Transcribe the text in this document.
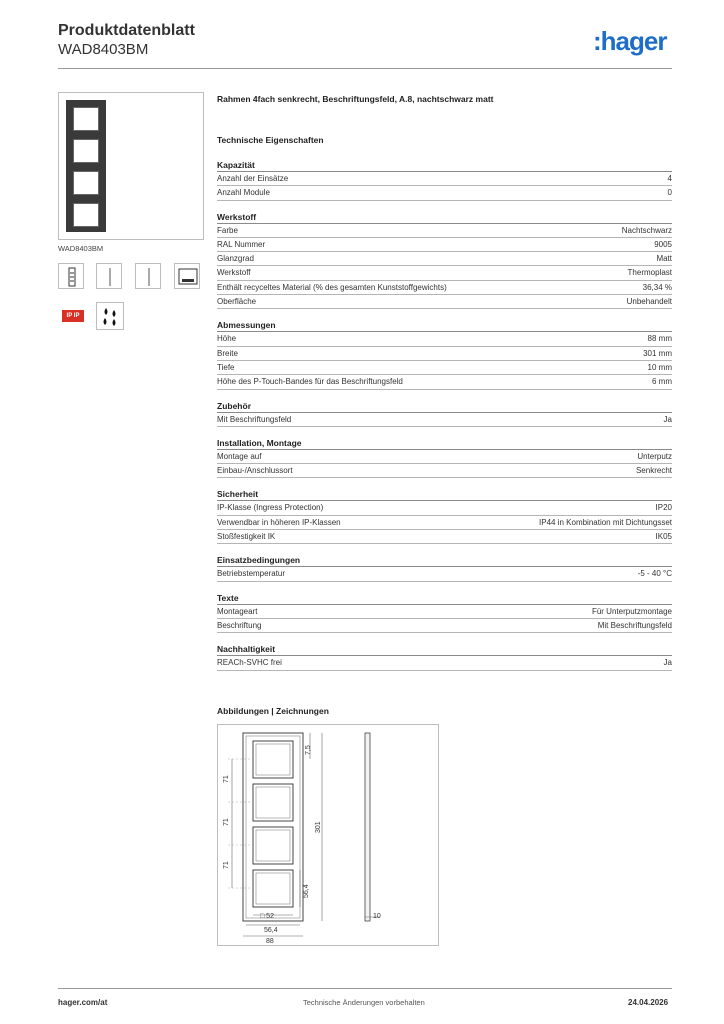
Produktdatenblatt
WAD8403BM	:hager
WAD8403BM
IP IP
Rahmen 4fach senkrecht, Beschriftungsfeld, A.8, nachtschwarz matt
Technische Eigenschaften
Kapazität
Anzahl der Einsätze	4
Anzahl Module	0
Werkstoff
Farbe	Nachtschwarz
RAL Nummer	9005
Glanzgrad	Matt
Werkstoff	Thermoplast
Enthält recyceltes Material (% des gesamten Kunststoffgewichts)	36,34 %
Oberfläche	Unbehandelt
Abmessungen
Höhe	88 mm
Breite	301 mm
Tiefe	10 mm
Höhe des P-Touch-Bandes für das Beschriftungsfeld	6 mm
Zubehör
Mit Beschriftungsfeld	Ja
Installation, Montage
Montage auf	Unterputz
Einbau-/Anschlussort	Senkrecht
Sicherheit
IP-Klasse (Ingress Protection)	IP20
Verwendbar in höheren IP-Klassen	IP44 in Kombination mit Dichtungsset
Stoßfestigkeit IK	IK05
Einsatzbedingungen
Betriebstemperatur	-5 - 40 °C
Texte
Montageart	Für Unterputzmontage
Beschriftung	Mit Beschriftungsfeld
Nachhaltigkeit
REACh-SVHC frei	Ja
Abbildungen | Zeichnungen
71
71
71
7,5
301
56,4
□ 52
56,4
88
10
hager.com/at	Technische Änderungen vorbehalten	24.04.2026
